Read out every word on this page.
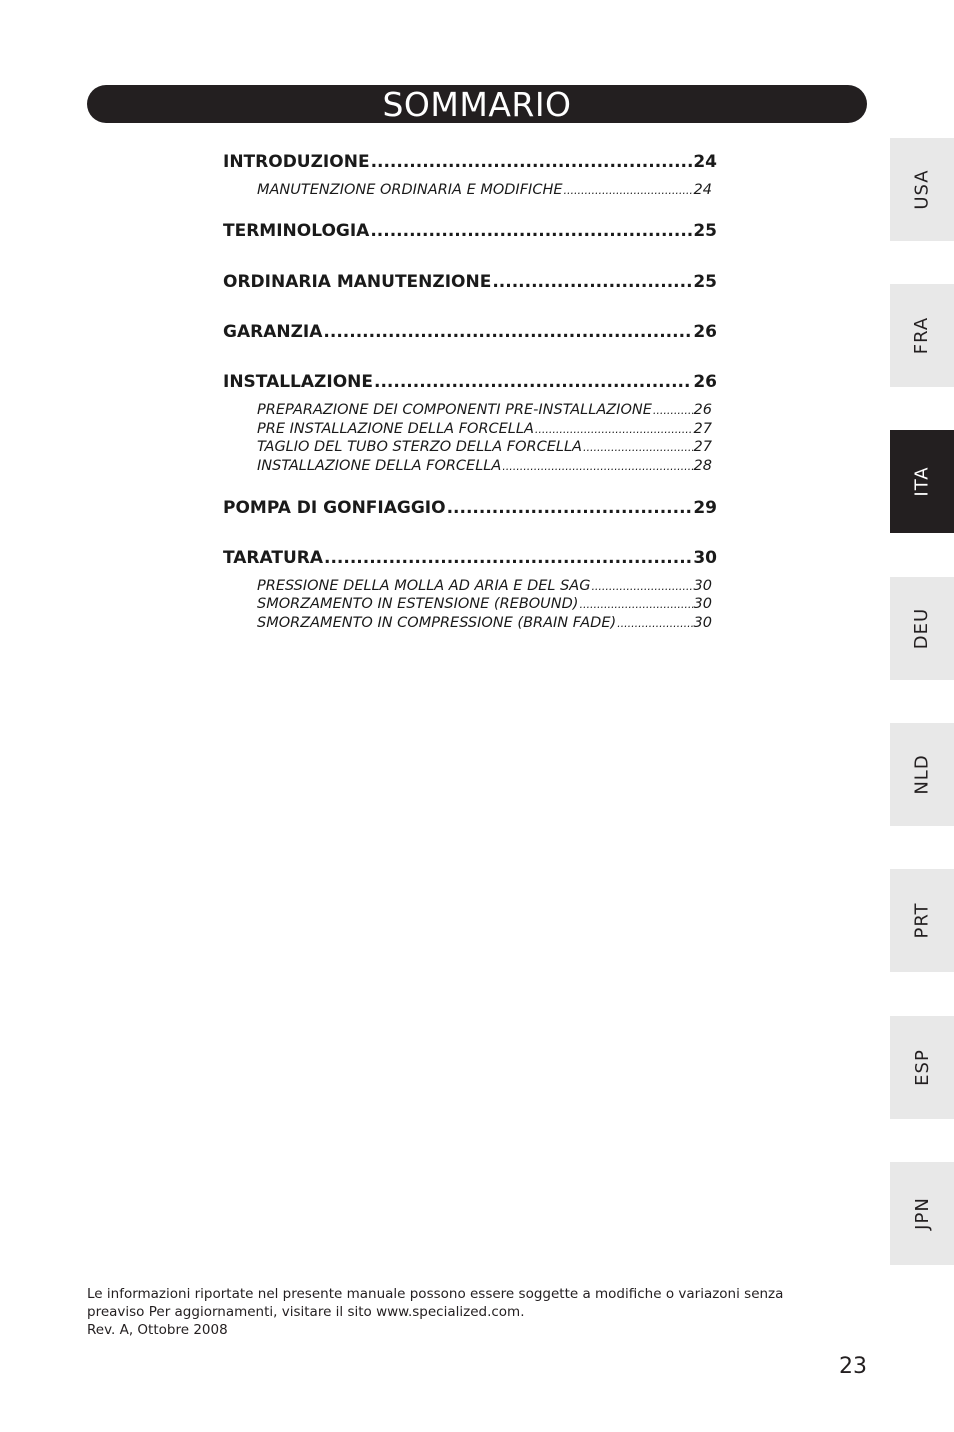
SOMMARIO
INTRODUZIONE .....	24
MANUTENZIONE ORDINARIA E MODIFICHE .....	24
TERMINOLOGIA .....	25
ORDINARIA MANUTENZIONE .....	25
GARANZIA .....	26
INSTALLAZIONE .....	26
PREPARAZIONE DEI COMPONENTI PRE-INSTALLAZIONE .....	26
PRE INSTALLAZIONE DELLA FORCELLA .....	27
TAGLIO DEL TUBO STERZO DELLA FORCELLA .....	27
INSTALLAZIONE DELLA FORCELLA .....	28
POMPA DI GONFIAGGIO .....	29
TARATURA .....	30
PRESSIONE DELLA MOLLA AD ARIA E DEL SAG .....	30
SMORZAMENTO IN ESTENSIONE (REBOUND) .....	30
SMORZAMENTO IN COMPRESSIONE (BRAIN FADE) .....	30
USA
FRA
ITA
DEU
NLD
PRT
ESP
JPN
Le informazioni riportate nel presente manuale possono essere soggette a modifiche o variazoni senza
preaviso Per aggiornamenti, visitare il sito www.specialized.com.
Rev. A, Ottobre 2008
23
